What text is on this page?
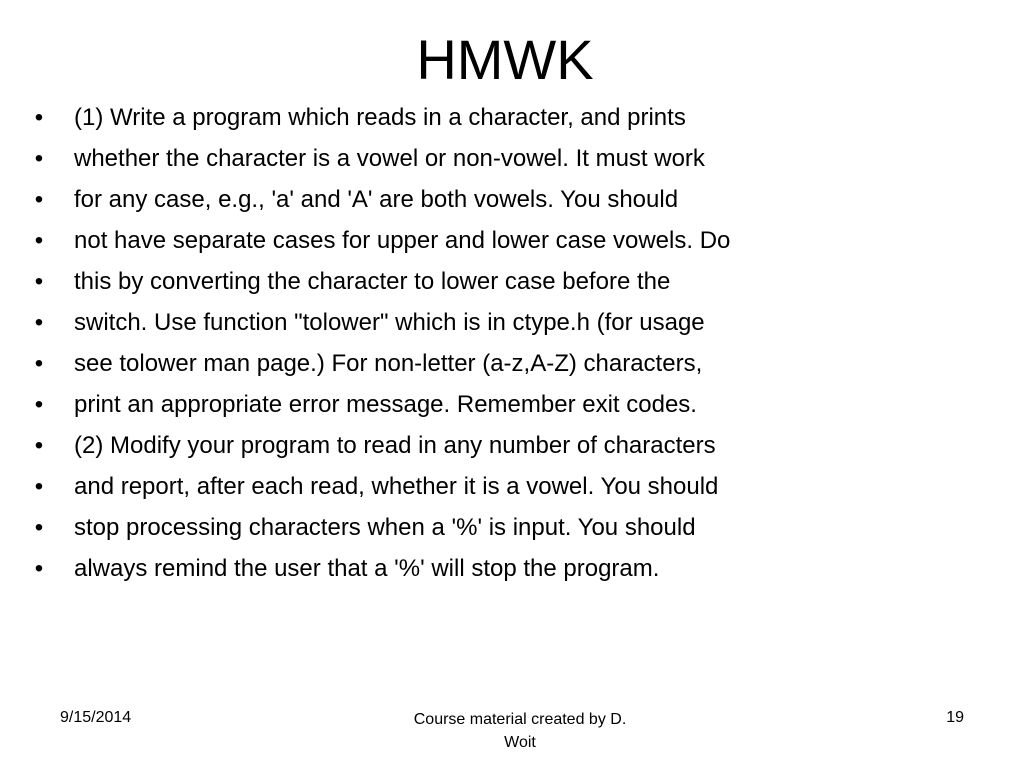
HMWK
• (1) Write a program which reads in a character, and prints
• whether the character is a vowel or non-vowel. It must work
• for any case, e.g., 'a' and 'A' are both vowels. You should
• not have separate cases for upper and lower case vowels. Do
• this by converting the character to lower case before the
• switch. Use function "tolower" which is in ctype.h (for usage
• see tolower man page.) For non-letter (a-z,A-Z) characters,
• print an appropriate error message. Remember exit codes.
• (2) Modify your program to read in any number of characters
• and report, after each read, whether it is a vowel. You should
• stop processing characters when a '%' is input. You should
• always remind the user that a '%' will stop the program.
9/15/2014	Course material created by D.
Woit
19
